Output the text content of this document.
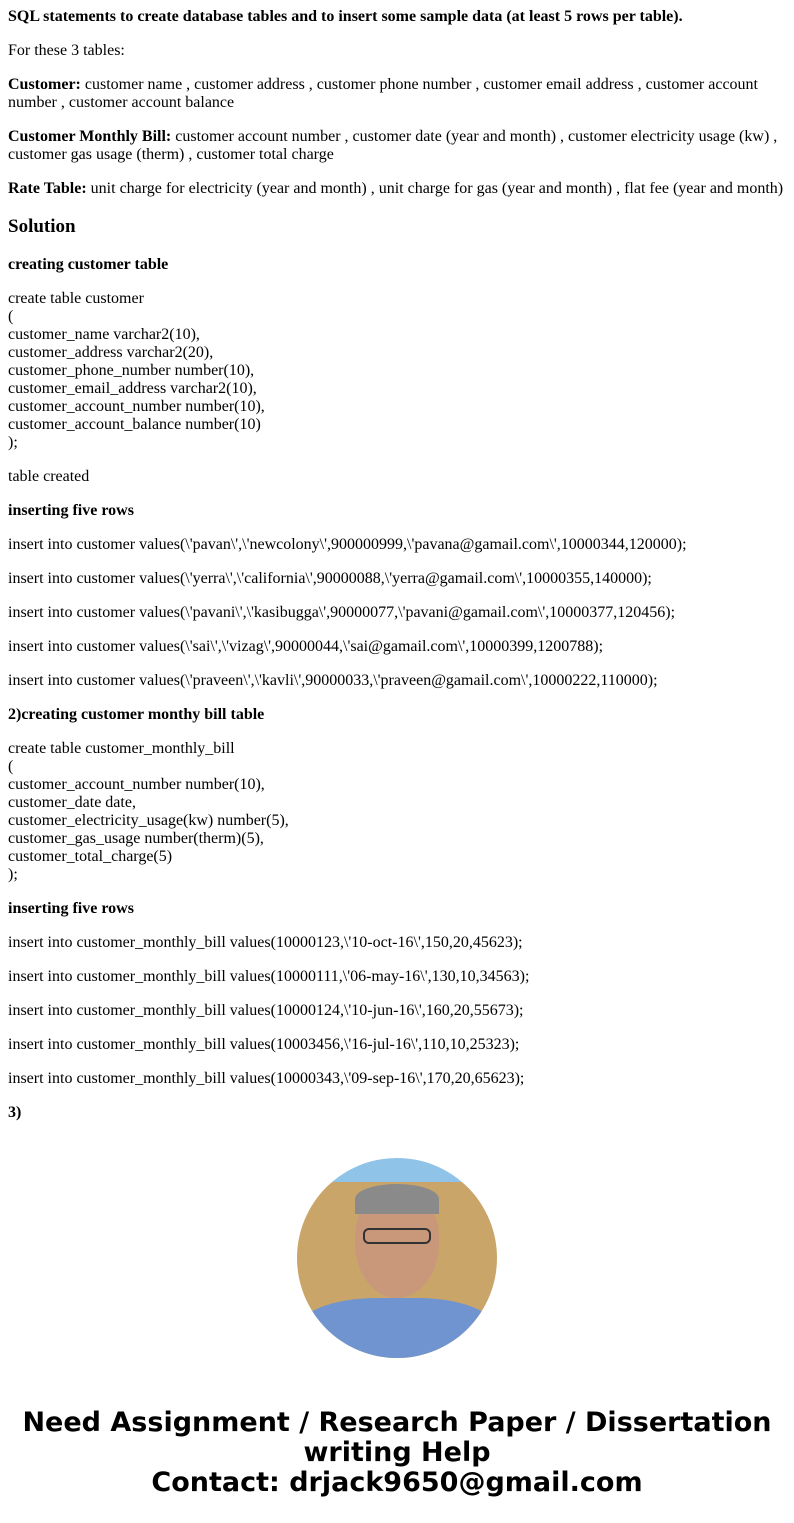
SQL statements to create database tables and to insert some sample data (at least 5 rows per table).

For these 3 tables:

Customer: customer name , customer address , customer phone number , customer email address , customer account number , customer account balance

Customer Monthly Bill: customer account number , customer date (year and month) , customer electricity usage (kw) , customer gas usage (therm) , customer total charge

Rate Table: unit charge for electricity (year and month) , unit charge for gas (year and month) , flat fee (year and month)

Solution

creating customer table

create table customer
(
customer_name varchar2(10),
customer_address varchar2(20),
customer_phone_number number(10),
customer_email_address varchar2(10),
customer_account_number number(10),
customer_account_balance number(10)
);

table created

inserting five rows

insert into customer values(\'pavan\',\'newcolony\',900000999,\'pavana@gamail.com\',10000344,120000);

insert into customer values(\'yerra\',\'california\',90000088,\'yerra@gamail.com\',10000355,140000);

insert into customer values(\'pavani\',\'kasibugga\',90000077,\'pavani@gamail.com\',10000377,120456);

insert into customer values(\'sai\',\'vizag\',90000044,\'sai@gamail.com\',10000399,1200788);

insert into customer values(\'praveen\',\'kavli\',90000033,\'praveen@gamail.com\',10000222,110000);

2)creating customer monthy bill table

create table customer_monthly_bill
(
customer_account_number number(10),
customer_date date,
customer_electricity_usage(kw) number(5),
customer_gas_usage number(therm)(5),
customer_total_charge(5)
);

inserting five rows

insert into customer_monthly_bill values(10000123,\'10-oct-16\',150,20,45623);

insert into customer_monthly_bill values(10000111,\'06-may-16\',130,10,34563);

insert into customer_monthly_bill values(10000124,\'10-jun-16\',160,20,55673);

insert into customer_monthly_bill values(10003456,\'16-jul-16\',110,10,25323);

insert into customer_monthly_bill values(10000343,\'09-sep-16\',170,20,65623);

3)

Need Assignment / Research Paper / Dissertation
writing Help
Contact: drjack9650@gmail.com
